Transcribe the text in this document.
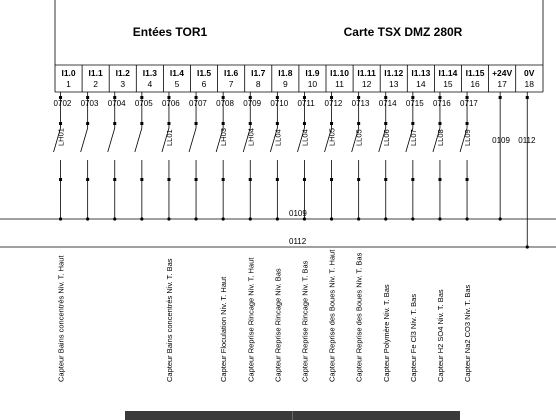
Entées TOR1	Carte TSX DMZ 280R
I1.0
1
0702
LH01
Capteur Bains concentrés Niv. T. Haut
I1.1
2
0703
I1.2
3
0704
I1.3
4
0705
I1.4
5
0706
LL01
Capteur Bains concentrés Niv. T. Bas
I1.5
6
0707
I1.6
7
0708
LH03
Capteur Floculation Niv. T. Haut
I1.7
8
0709
LH04
Capteur Reprise Rincage Niv. T. Haut
I1.8
9
0710
LL04
Capteur Reprise Rincage Niv. Bas
I1.9
10
0711
LL04
Capteur Reprise Rincage Niv. T. Bas
I1.10
11
0712
LH05
Capteur Reprise des Boues Niv. T. Haut
I1.11
12
0713
LL05
Capteur Reprise des Boues Niv. T. Bas
I1.12
13
0714
LL06
Capteur Polymère Niv. T. Bas
I1.13
14
0715
LL07
Capteur Fe Cl3 Niv. T. Bas
I1.14
15
0716
LL08
Capteur H2 SO4 Niv. T. Bas
I1.15
16
0717
LL09
Capteur Na2 CO3 Niv. T. Bas
+24V
17
0109
0V
18
0112
0109
0112
